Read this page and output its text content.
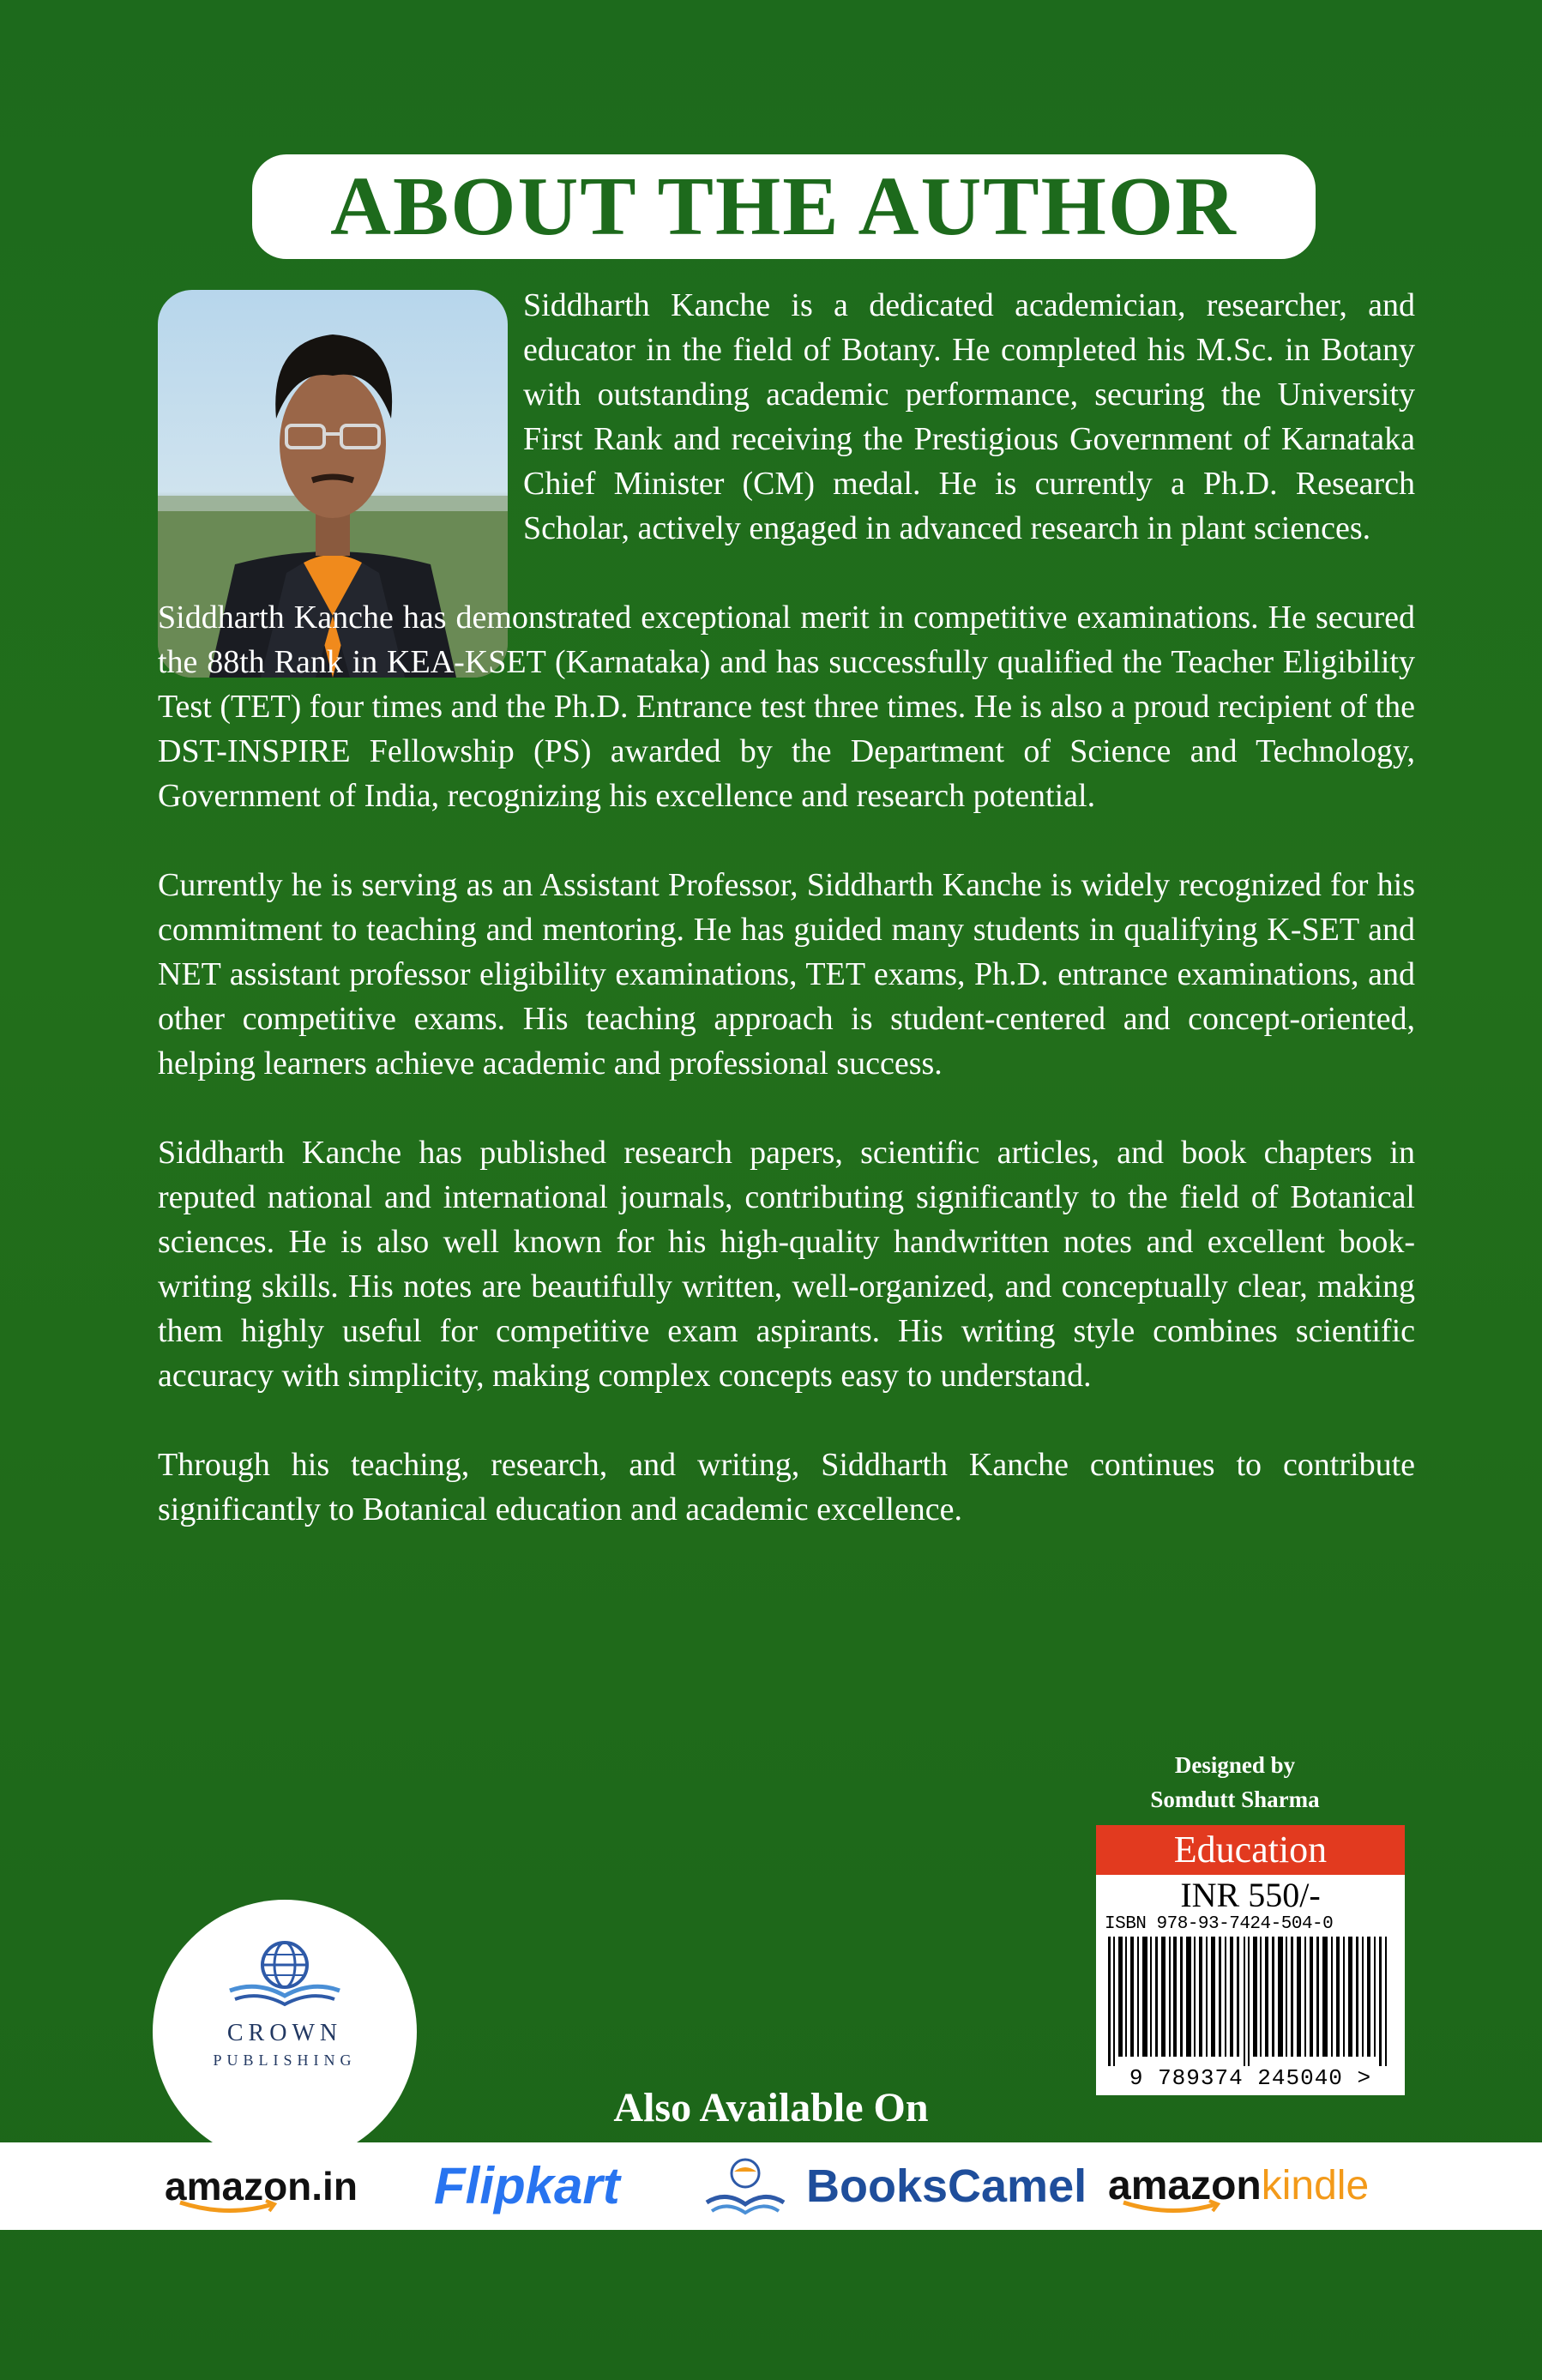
ABOUT THE AUTHOR

Siddharth Kanche is a dedicated academician, researcher, and educator in the field of Botany. He completed his M.Sc. in Botany with outstanding academic performance, securing the University First Rank and receiving the Prestigious Government of Karnataka Chief Minister (CM) medal. He is currently a Ph.D. Research Scholar, actively engaged in advanced research in plant sciences.

Siddharth Kanche has demonstrated exceptional merit in competitive examinations. He secured the 88th Rank in KEA-KSET (Karnataka) and has successfully qualified the Teacher Eligibility Test (TET) four times and the Ph.D. Entrance test three times. He is also a proud recipient of the DST-INSPIRE Fellowship (PS) awarded by the Department of Science and Technology, Government of India, recognizing his excellence and research potential.

Currently he is serving as an Assistant Professor, Siddharth Kanche is widely recognized for his commitment to teaching and mentoring. He has guided many students in qualifying K-SET and NET assistant professor eligibility examinations, TET exams, Ph.D. entrance examinations, and other competitive exams. His teaching approach is student-centered and concept-oriented, helping learners achieve academic and professional success.

Siddharth Kanche has published research papers, scientific articles, and book chapters in reputed national and international journals, contributing significantly to the field of Botanical sciences. He is also well known for his high-quality handwritten notes and excellent book-writing skills. His notes are beautifully written, well-organized, and conceptually clear, making them highly useful for competitive exam aspirants. His writing style combines scientific accuracy with simplicity, making complex concepts easy to understand.

Through his teaching, research, and writing, Siddharth Kanche continues to contribute significantly to Botanical education and academic excellence.

Designed by
Somdutt Sharma
Education
INR 550/-
ISBN 978-93-7424-504-0
9 789374 245040 >
CROWN
PUBLISHING
Also Available On
amazon.in Flipkart	BooksCamel amazonkindle
